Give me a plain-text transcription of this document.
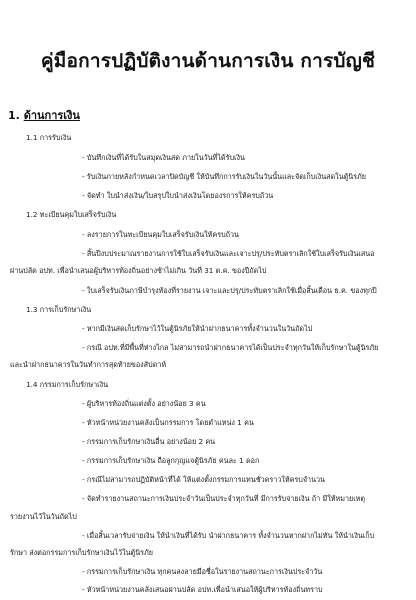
คู่มือการปฏิบัติงานด้านการเงิน การบัญชี
1. ด้านการเงิน
1.1 การรับเงิน
- บันทึกเงินที่ได้รับในสมุดเงินสด ภายในวันที่ได้รับเงิน
- รับเงินภายหลังกำหนดเวลาปิดบัญชี ให้บันทึกการรับเงินในวันนั้นและจัดเก็บเงินสดในตู้นิรภัย
- จัดทำ ใบนำส่งเงิน/ใบสรุปใบนำส่งเงินโดยองรการให้ครบถ้วน
1.2 ทะเบียนคุมใบเสร็จรับเงิน
- ลงรายการในทะเบียนคุมใบเสร็จรับเงินให้ครบถ้วน
- สิ้นปีงบประมาณรายงานการใช้ใบเสร็จรับเงินและเจาะปรุ/ประทับตราเลิกใช้ใบเสร็จรับเงินเสนอ
ผ่านปลัด อปท. เพื่อนำเสนอผู้บริหารท้องถิ่นอย่างช้าไม่เกิน วันที่ 31 ต.ค. ของปีถัดไป
- ใบเสร็จรับเงินภาษีบำรุงท้องที่รายงาน เจาะและปรุ/ประทับตราเลิกใช้เมื่อสิ้นเดือน ธ.ค. ของทุกปี
1.3 การเก็บรักษาเงิน
- หากมีเงินสดเก็บรักษาไว้ในตู้นิรภัยให้นำฝากธนาคารทั้งจำนวนในวันถัดไป
- กรณี อปท.ที่มีพื้นที่ห่างไกล ไม่สามารถนำฝากธนาคารได้เป็นประจำทุกวันให้เก็บรักษาในตู้นิรภัย
และนำฝากธนาคารในวันทำการสุดท้ายของสัปดาห์
1.4 กรรมการเก็บรักษาเงิน
- ผู้บริหารท้องถิ่นแต่งตั้ง อย่างน้อย 3 คน
- หัวหน้าหน่วยงานคลังเป็นกรรมการ โดยตำแหน่ง 1 คน
- กรรมการเก็บรักษาเงินอื่น อย่างน้อย 2 คน
- กรรมการเก็บรักษาเงิน ถือลูกกุญแจตู้นิรภัย คนละ 1 ดอก
- กรณีไม่สามารถปฏิบัติหน้าที่ได้ ให้แต่งตั้งกรรมการแทนชั่วคราวให้ครบจำนวน
- จัดทำรายงานสถานะการเงินประจำวันเป็นประจำทุกวันที่ มีการรับจ่ายเงิน ถ้า มีให้หมายเหตุ
รายงานไว้ในวันถัดไป
- เมื่อสิ้นเวลารับจ่ายเงิน ให้นำเงินที่ได้รับ นำฝากธนาคาร ทั้งจำนวนหากฝากไม่ทัน ให้นำเงินเก็บ
รักษา ส่งต่อกรรมการเก็บรักษาเงินไว้ในตู้นิรภัย
- กรรมการเก็บรักษาเงิน ทุกคนลงลายมือชื่อในรายงานสถานะการเงินประจำวัน
- หัวหน้าหน่วยงานคลังเสนอผ่านปลัด อปท.เพื่อนำเสนอให้ผู้บริหารท้องถิ่นทราบ
